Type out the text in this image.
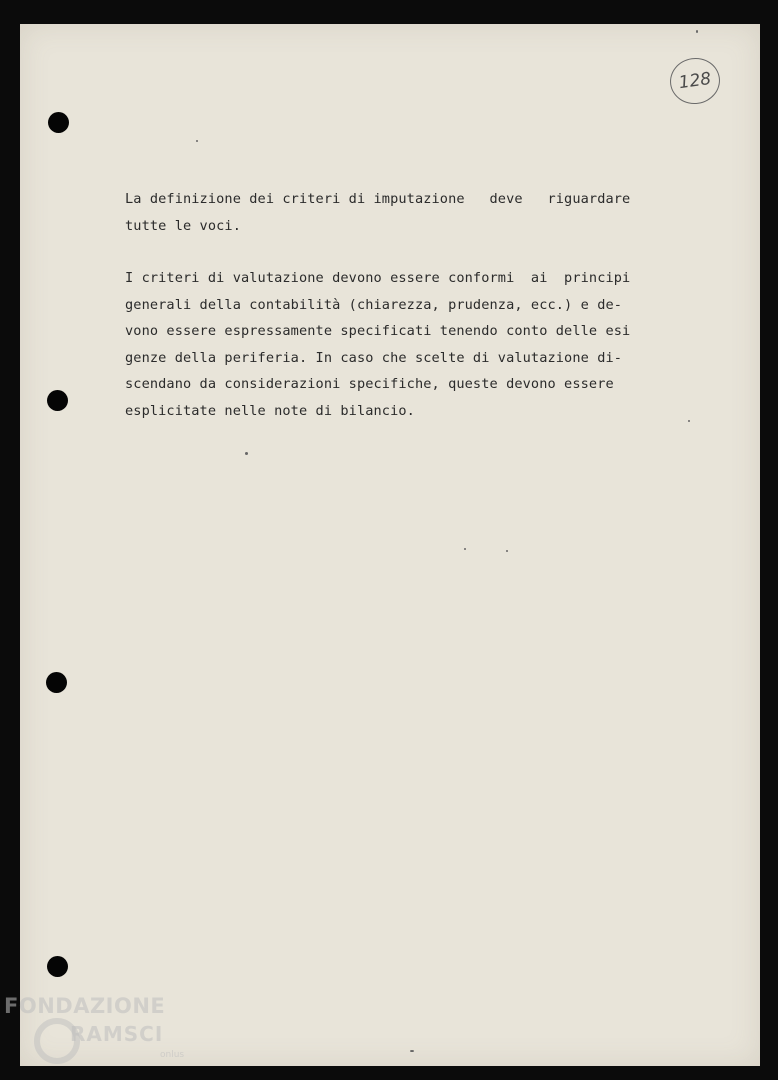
128
La definizione dei criteri di imputazione   deve   riguardare
tutte le voci.
I criteri di valutazione devono essere conformi  ai  principi
generali della contabilità (chiarezza, prudenza, ecc.) e de-
vono essere espressamente specificati tenendo conto delle esi
genze della periferia. In caso che scelte di valutazione di-
scendano da considerazioni specifiche, queste devono essere
esplicitate nelle note di bilancio.
FONDAZIONE
RAMSCI
onlus
